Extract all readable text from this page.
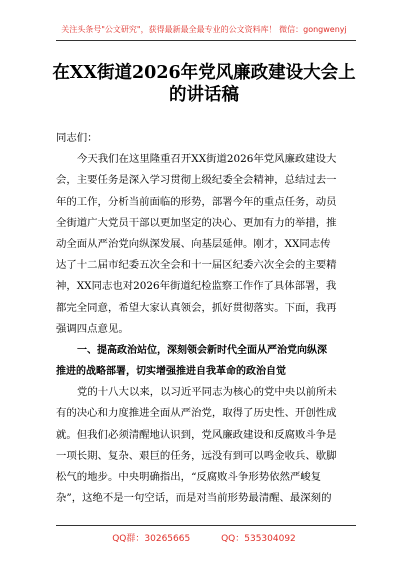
关注头条号"公文研究"，获得最新最全最专业的公文资料库！ 微信：gongwenyj
在XX街道2026年党风廉政建设大会上
的讲话稿
同志们：
今天我们在这里隆重召开XX街道2026年党风廉政建设大
会，主要任务是深入学习贯彻上级纪委全会精神，总结过去一
年的工作，分析当前面临的形势，部署今年的重点任务，动员
全街道广大党员干部以更加坚定的决心、更加有力的举措，推
动全面从严治党向纵深发展、向基层延伸。刚才，XX同志传
达了十二届市纪委五次全会和十一届区纪委六次全会的主要精
神，XX同志也对2026年街道纪检监察工作作了具体部署，我
都完全同意，希望大家认真领会，抓好贯彻落实。下面，我再
强调四点意见。
一、提高政治站位，深刻领会新时代全面从严治党向纵深
推进的战略部署，切实增强推进自我革命的政治自觉
党的十八大以来，以习近平同志为核心的党中央以前所未
有的决心和力度推进全面从严治党，取得了历史性、开创性成
就。但我们必须清醒地认识到，党风廉政建设和反腐败斗争是
一项长期、复杂、艰巨的任务，远没有到可以鸣金收兵、歇脚
松气的地步。中央明确指出，“反腐败斗争形势依然严峻复
杂”，这绝不是一句空话，而是对当前形势最清醒、最深刻的
QQ群：30265665	QQ：535304092
